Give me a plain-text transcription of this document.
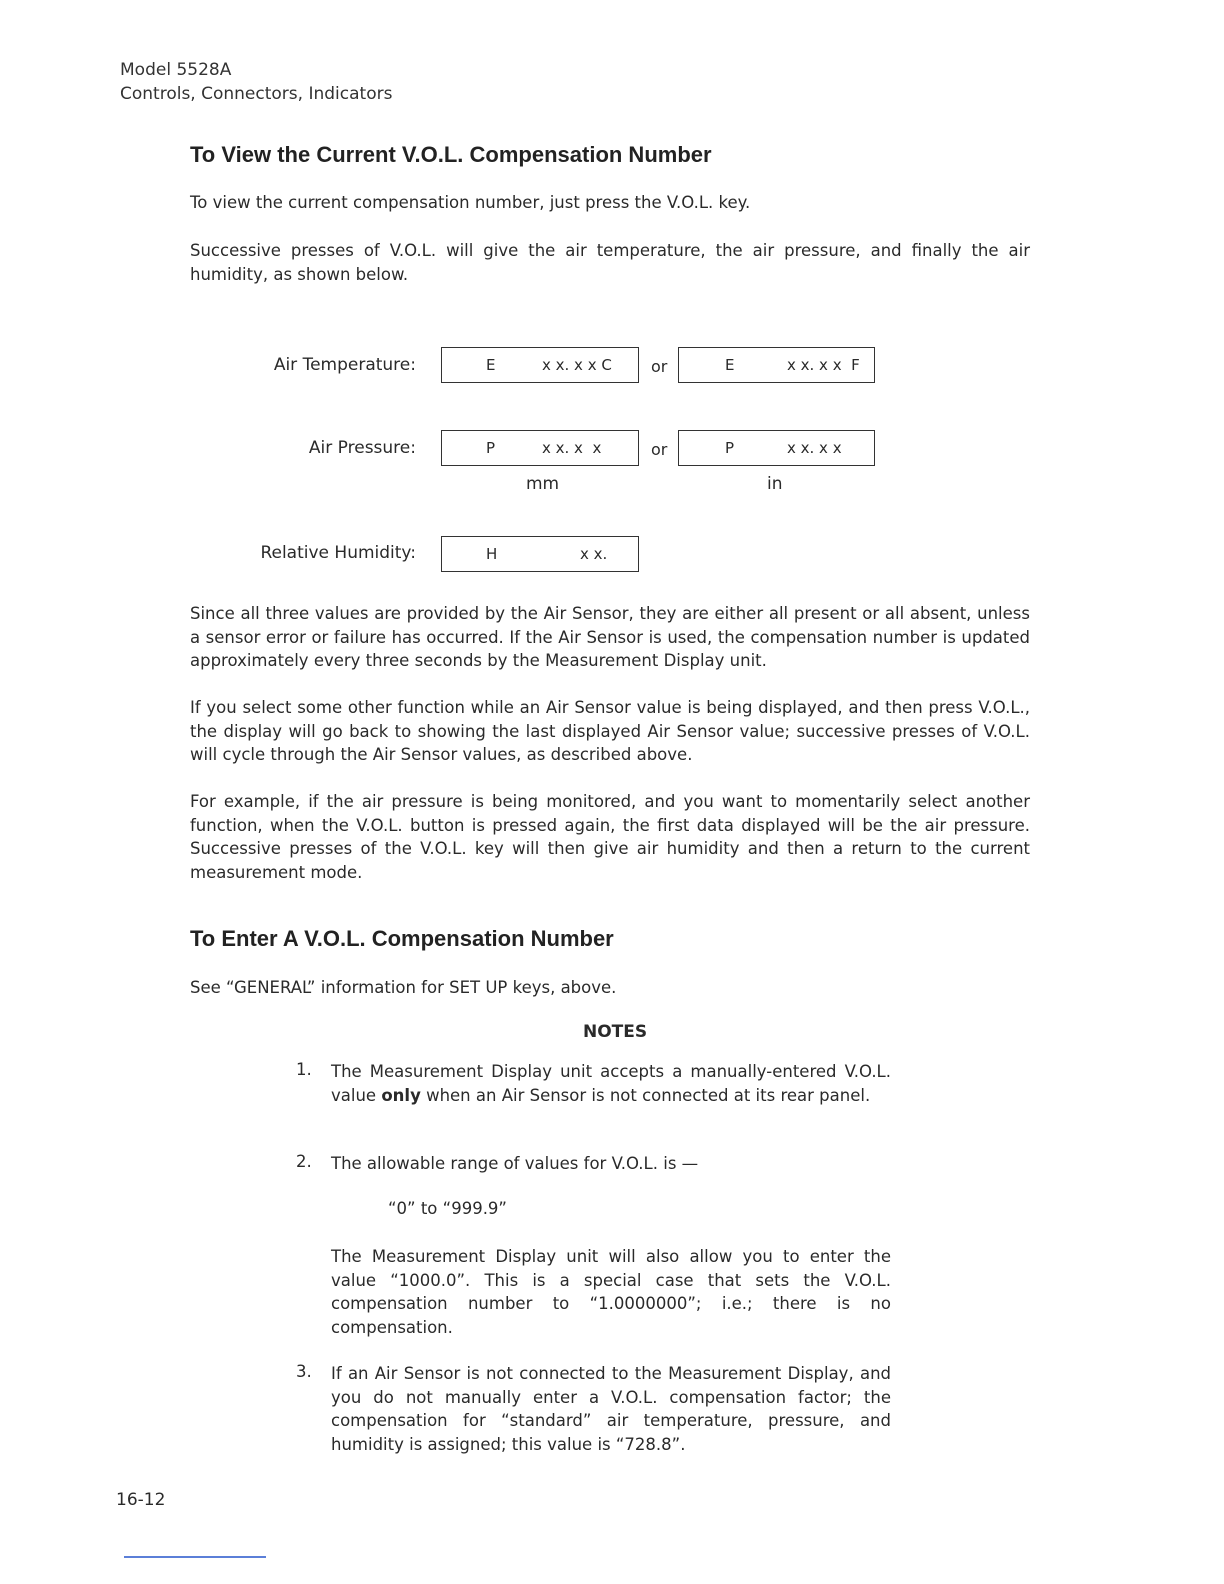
Model 5528A
Controls, Connectors, Indicators
To View the Current V.O.L. Compensation Number

To view the current compensation number, just press the V.O.L. key.

Successive presses of V.O.L. will give the air temperature, the air pressure, and finally the air humidity, as shown below.

Air Temperature:	E	x x. x x C or	E	x x. x x  F
Air Pressure:	P	x x. x  x	or	P	x x. x x
mm	in
Relative Humidity:	H	x x.

Since all three values are provided by the Air Sensor, they are either all present or all absent, unless a sensor error or failure has occurred. If the Air Sensor is used, the compensation number is updated approximately every three seconds by the Measurement Display unit.

If you select some other function while an Air Sensor value is being displayed, and then press V.O.L., the display will go back to showing the last displayed Air Sensor value; successive presses of V.O.L. will cycle through the Air Sensor values, as described above.

For example, if the air pressure is being monitored, and you want to momentarily select another function, when the V.O.L. button is pressed again, the first data displayed will be the air pressure. Successive presses of the V.O.L. key will then give air humidity and then a return to the current measurement mode.

To Enter A V.O.L. Compensation Number

See “GENERAL” information for SET UP keys, above.

NOTES
1. The Measurement Display unit accepts a manually-entered V.O.L. value only when an Air Sensor is not connected at its rear panel.
2. The allowable range of values for V.O.L. is —
“0” to “999.9”
The Measurement Display unit will also allow you to enter the value “1000.0”. This is a special case that sets the V.O.L. compensation number to “1.0000000”; i.e.; there is no compensation.
3. If an Air Sensor is not connected to the Measurement Display, and you do not manually enter a V.O.L. compensation factor; the compensation for “standard” air temperature, pressure, and humidity is assigned; this value is “728.8”.
16-12
